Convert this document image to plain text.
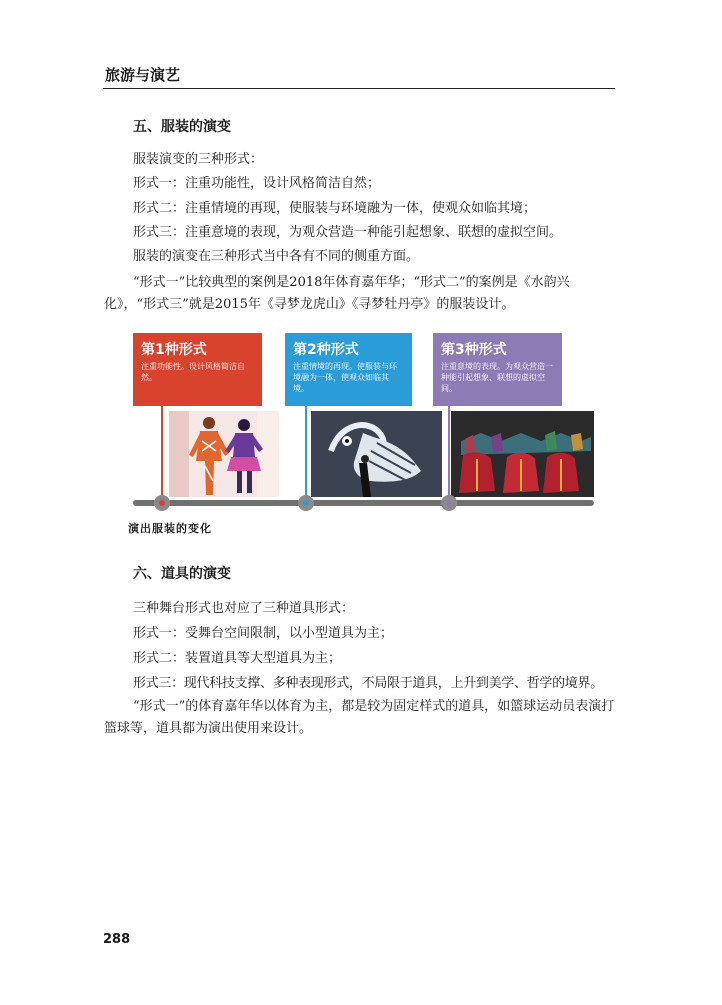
旅游与演艺
五、服装的演变
服装演变的三种形式：
形式一：注重功能性，设计风格简洁自然；
形式二：注重情境的再现，使服装与环境融为一体，使观众如临其境；
形式三：注重意境的表现，为观众营造一种能引起想象、联想的虚拟空间。
服装的演变在三种形式当中各有不同的侧重方面。
“形式一”比较典型的案例是2018年体育嘉年华；“形式二”的案例是《水韵兴化》，“形式三”就是2015年《寻梦龙虎山》《寻梦牡丹亭》的服装设计。
第1种形式
注重功能性。设计风格简洁自然。
第2种形式
注重情境的再现。使服装与环境融为一体，使观众如临其境。
第3种形式
注重意境的表现。为观众营造一种能引起想象、联想的虚拟空间。
演出服装的变化
六、道具的演变
三种舞台形式也对应了三种道具形式：
形式一：受舞台空间限制，以小型道具为主；
形式二：装置道具等大型道具为主；
形式三：现代科技支撑、多种表现形式，不局限于道具，上升到美学、哲学的境界。
“形式一”的体育嘉年华以体育为主，都是较为固定样式的道具，如篮球运动员表演打篮球等，道具都为演出使用来设计。
288
